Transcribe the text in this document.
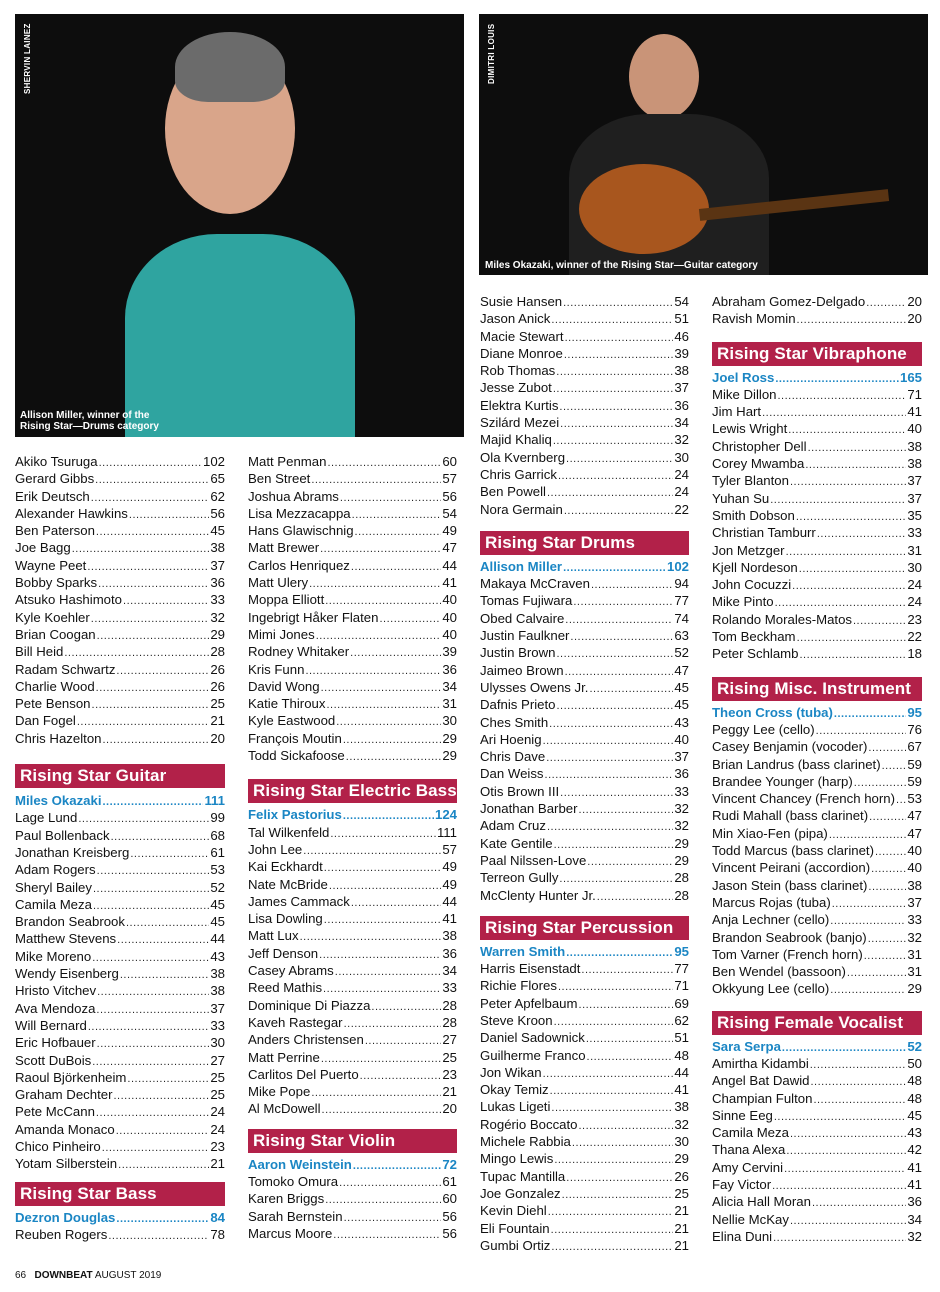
SHERVIN LAINEZ
Allison Miller, winner of the
Rising Star—Drums category
DIMITRI LOUIS
Miles Okazaki, winner of the Rising Star—Guitar category
Akiko Tsuruga .....	102
Gerard Gibbs .....	65
Erik Deutsch .....	62
Alexander Hawkins .....	56
Ben Paterson .....	45
Joe Bagg .....	38
Wayne Peet .....	37
Bobby Sparks .....	36
Atsuko Hashimoto .....	33
Kyle Koehler .....	32
Brian Coogan .....	29
Bill Heid .....	28
Radam Schwartz .....	26
Charlie Wood .....	26
Pete Benson .....	25
Dan Fogel .....	21
Chris Hazelton .....	20
Rising Star Guitar
Miles Okazaki .....	111
Lage Lund .....	99
Paul Bollenback .....	68
Jonathan Kreisberg .....	61
Adam Rogers .....	53
Sheryl Bailey .....	52
Camila Meza .....	45
Brandon Seabrook .....	45
Matthew Stevens .....	44
Mike Moreno .....	43
Wendy Eisenberg .....	38
Hristo Vitchev .....	38
Ava Mendoza .....	37
Will Bernard .....	33
Eric Hofbauer .....	30
Scott DuBois .....	27
Raoul Björkenheim .....	25
Graham Dechter .....	25
Pete McCann .....	24
Amanda Monaco .....	24
Chico Pinheiro .....	23
Yotam Silberstein .....	21
Rising Star Bass
Dezron Douglas .....	84
Reuben Rogers .....	78
Matt Penman .....	60
Ben Street .....	57
Joshua Abrams .....	56
Lisa Mezzacappa .....	54
Hans Glawischnig .....	49
Matt Brewer .....	47
Carlos Henriquez .....	44
Matt Ulery .....	41
Moppa Elliott .....	40
Ingebrigt Håker Flaten .....	40
Mimi Jones .....	40
Rodney Whitaker .....	39
Kris Funn .....	36
David Wong .....	34
Katie Thiroux .....	31
Kyle Eastwood .....	30
François Moutin .....	29
Todd Sickafoose .....	29
Rising Star Electric Bass
Felix Pastorius .....	124
Tal Wilkenfeld .....	111
John Lee .....	57
Kai Eckhardt .....	49
Nate McBride .....	49
James Cammack .....	44
Lisa Dowling .....	41
Matt Lux .....	38
Jeff Denson .....	36
Casey Abrams .....	34
Reed Mathis .....	33
Dominique Di Piazza .....	28
Kaveh Rastegar .....	28
Anders Christensen .....	27
Matt Perrine .....	25
Carlitos Del Puerto .....	23
Mike Pope .....	21
Al McDowell .....	20
Rising Star Violin
Aaron Weinstein .....	72
Tomoko Omura .....	61
Karen Briggs .....	60
Sarah Bernstein .....	56
Marcus Moore .....	56
Susie Hansen .....	54
Jason Anick .....	51
Macie Stewart .....	46
Diane Monroe .....	39
Rob Thomas .....	38
Jesse Zubot .....	37
Elektra Kurtis .....	36
Szilárd Mezei .....	34
Majid Khaliq .....	32
Ola Kvernberg .....	30
Chris Garrick .....	24
Ben Powell .....	24
Nora Germain .....	22
Rising Star Drums
Allison Miller .....	102
Makaya McCraven .....	94
Tomas Fujiwara .....	77
Obed Calvaire .....	74
Justin Faulkner .....	63
Justin Brown .....	52
Jaimeo Brown .....	47
Ulysses Owens Jr. .....	45
Dafnis Prieto .....	45
Ches Smith .....	43
Ari Hoenig .....	40
Chris Dave .....	37
Dan Weiss .....	36
Otis Brown III .....	33
Jonathan Barber .....	32
Adam Cruz .....	32
Kate Gentile .....	29
Paal Nilssen-Love .....	29
Terreon Gully .....	28
McClenty Hunter Jr. .....	28
Rising Star Percussion
Warren Smith .....	95
Harris Eisenstadt .....	77
Richie Flores .....	71
Peter Apfelbaum .....	69
Steve Kroon .....	62
Daniel Sadownick .....	51
Guilherme Franco .....	48
Jon Wikan .....	44
Okay Temiz .....	41
Lukas Ligeti .....	38
Rogério Boccato .....	32
Michele Rabbia .....	30
Mingo Lewis .....	29
Tupac Mantilla .....	26
Joe Gonzalez .....	25
Kevin Diehl .....	21
Eli Fountain .....	21
Gumbi Ortiz .....	21
Abraham Gomez-Delgado .....	20
Ravish Momin .....	20
Rising Star Vibraphone
Joel Ross .....	165
Mike Dillon .....	71
Jim Hart .....	41
Lewis Wright .....	40
Christopher Dell .....	38
Corey Mwamba .....	38
Tyler Blanton .....	37
Yuhan Su .....	37
Smith Dobson .....	35
Christian Tamburr .....	33
Jon Metzger .....	31
Kjell Nordeson .....	30
John Cocuzzi .....	24
Mike Pinto .....	24
Rolando Morales-Matos .....	23
Tom Beckham .....	22
Peter Schlamb .....	18
Rising Misc. Instrument
Theon Cross (tuba) .....	95
Peggy Lee (cello) .....	76
Casey Benjamin (vocoder) .....	67
Brian Landrus (bass clarinet) ..... 59
Brandee Younger (harp) .....	59
Vincent Chancey (French horn) ..... 53
Rudi Mahall (bass clarinet) .....	47
Min Xiao-Fen (pipa) .....	47
Todd Marcus (bass clarinet) .....	40
Vincent Peirani (accordion) .....	40
Jason Stein (bass clarinet) .....	38
Marcus Rojas (tuba) .....	37
Anja Lechner (cello) .....	33
Brandon Seabrook (banjo) .....	32
Tom Varner (French horn) .....	31
Ben Wendel (bassoon) .....	31
Okkyung Lee (cello) .....	29
Rising Female Vocalist
Sara Serpa .....	52
Amirtha Kidambi .....	50
Angel Bat Dawid .....	48
Champian Fulton .....	48
Sinne Eeg .....	45
Camila Meza .....	43
Thana Alexa .....	42
Amy Cervini .....	41
Fay Victor .....	41
Alicia Hall Moran .....	36
Nellie McKay .....	34
Elina Duni .....	32
66 DOWNBEAT AUGUST 2019
